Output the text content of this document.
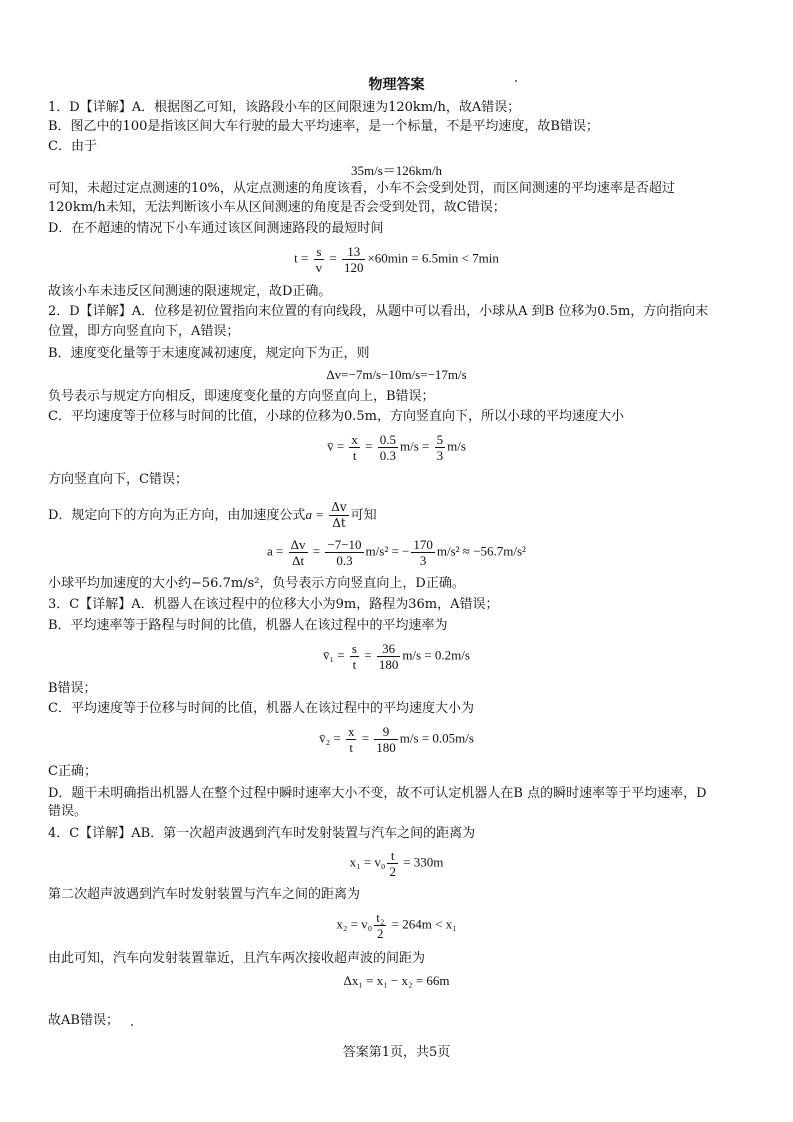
物理答案
1．D【详解】A．根据图乙可知，该路段小车的区间限速为120km/h，故A错误；
B．图乙中的100是指该区间大车行驶的最大平均速率，是一个标量，不是平均速度，故B错误；
C．由于
35m/s＝126km/h
可知，未超过定点测速的10%，从定点测速的角度该看，小车不会受到处罚，而区间测速的平均速率是否超过
120km/h未知，无法判断该小车从区间测速的角度是否会受到处罚，故C错误；
D．在不超速的情况下小车通过该区间测速路段的最短时间
$t = \frac{s}{v} = \frac{13}{120} \times 60\min = 6.5\min < 7\min$
故该小车未违反区间测速的限速规定，故D正确。
2．D【详解】A．位移是初位置指向末位置的有向线段，从题中可以看出，小球从A 到B 位移为0.5m，方向指向末
位置，即方向竖直向下，A错误；
B．速度变化量等于末速度减初速度，规定向下为正，则
Δv=−7m/s−10m/s=−17m/s
负号表示与规定方向相反，即速度变化量的方向竖直向上，B错误；
C．平均速度等于位移与时间的比值，小球的位移为0.5m，方向竖直向下，所以小球的平均速度大小
v̄ = $\frac{x}{t} = \frac{0.5}{0.3} m/s = \frac{5}{3} m/s$
方向竖直向下，C错误；
D．规定向下的方向为正方向，由加速度公式$a = \frac{\Delta v}{\Delta t}$ 可知
$a = \frac{\Delta v}{\Delta t} = \frac{-7-10}{0.3} m/s^2$ = − $\frac{170}{3} m/s^2 \approx -56.7m/s^2$
小球平均加速度的大小约−56.7m/s²，负号表示方向竖直向上，D正确。
3．C【详解】A．机器人在该过程中的位移大小为9m，路程为36m，A错误；
B．平均速率等于路程与时间的比值，机器人在该过程中的平均速率为
v̄₁ = $\frac{s}{t} = \frac{36}{180} m/s = 0.2m/s$
B错误；
C．平均速度等于位移与时间的比值，机器人在该过程中的平均速度大小为
v̄₂ = $\frac{x}{t} = \frac{9}{180} m/s = 0.05m/s$
C正确；
D．题干未明确指出机器人在整个过程中瞬时速率大小不变，故不可认定机器人在B 点的瞬时速率等于平均速率，D
错误。
4．C【详解】AB．第一次超声波遇到汽车时发射装置与汽车之间的距离为
$x_1 = v_0 \frac{t}{2} = 330m$
第二次超声波遇到汽车时发射装置与汽车之间的距离为
$x_2 = v_0 \frac{\text{t₂}}{2} = 264m < x_1$
由此可知，汽车向发射装置靠近，且汽车两次接收超声波的间距为
Δx₁ = x₁ − x₂ = 66m
故AB错误；
答案第1页，共5页
